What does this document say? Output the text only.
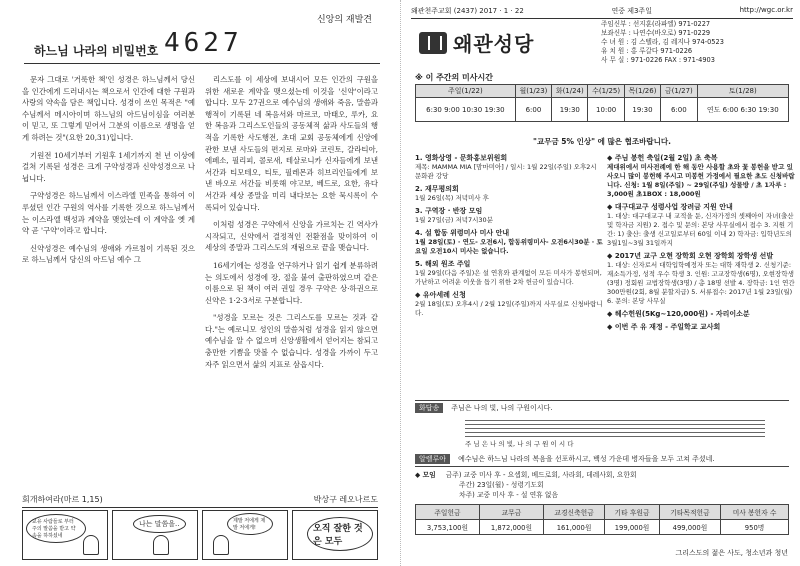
신앙의 재발견
하느님 나라의 비밀번호 4627

문자 그대로 '거룩한 책'인 성경은 하느님께서 당신을 인간에게 드러내시는 책으로서 인간에 대한 구원과 사랑의 약속을 담은 책입니다. 성경이 쓰인 목적은 "예수님께서 메시아이며 하느님의 아드님이심을 여러분이 믿고, 또 그렇게 믿어서 그분의 이름으로 생명을 얻게 하려는 것"(요한 20,31)입니다.

기원전 10세기부터 기원후 1세기까지 천 년 이상에 걸쳐 기록된 성경은 크게 구약성경과 신약성경으로 나뉩니다.

구약성경은 하느님께서 이스라엘 민족을 통하여 이루셨던 인간 구원의 역사를 기록한 것으로 하느님께서는 이스라엘 백성과 계약을 맺었는데 이 계약을 옛 계약 곧 '구약'이라고 합니다.

신약성경은 예수님의 생애와 가르침이 기록된 것으로 하느님께서 당신의 아드님 예수 그

리스도를 이 세상에 보내시어 모든 인간의 구원을 위한 새로운 계약을 맺으셨는데 이것을 '신약'이라고 합니다. 모두 27권으로 예수님의 생애와 죽음, 말씀과 행적이 기록된 네 복음서와 마르코, 마태오, 루카, 요한 복음과 그리스도인들의 공동체적 삶과 사도들의 행적을 기록한 사도행전, 초대 교회 공동체에게 신앙에 관한 보낸 사도들의 편지로 로마와 코린토, 갈라티아, 에페소, 필리피, 콜로새, 테살로니카 신자들에게 보낸 서간과 티모테오, 티토, 필레몬과 히브리인들에게 보낸 바오로 서간들 비롯해 야고보, 베드로, 요한, 유다 서간과 세상 종말을 미리 내다보는 요한 묵시록이 수록되어 있습니다.

이처럼 성경은 구약에서 신앙을 가르치는 긴 역사가 시작되고, 신약에서 결정적인 전환점을 맞이하여 이 세상의 종말과 그리스도의 재림으로 끝을 맺습니다.

16세기에는 성경을 연구하거나 읽기 쉽게 분류하려는 의도에서 성경에 장, 절을 붙여 출판하였으며 같은 이름으로 된 책이 여러 권일 경우 구약은 상·하권으로 신약은 1·2·3서로 구분합니다.

"성경을 모르는 것은 그리스도를 모르는 것과 같다."는 예로니모 성인의 말씀처럼 성경을 읽지 않으면 예수님을 알 수 없으며 신앙생활에서 얻어지는 참되고 충만한 기쁨을 맛볼 수 없습니다. 성경을 가까이 두고 자주 읽으면서 삶의 지표로 삼읍시다.

회개하여라(마르 1,15)	박상구 레오나르도
교유 사람들로 부터 주의 말씀을 받고 약속을 하하셨네
나는 말씀을..	제발 저에게 제발 저에게!	오직 잘한 것은 모두
왜관천주교회 (2437) 2017 · 1 · 22	연중 제3주일	http://wgc.or.kr
왜관성당
주임신부 : 선지훈(라파엘) 971-0227
보좌신부 : 나연수(바오로) 971-0229
수 녀 원 : 김 스텔라, 김 레지나 974-0523
유 치 원 : 홍 루갈다 971-0226
사 무 실 : 971-0226 FAX : 971-4903
※ 이 주간의 미사시간
주일(1/22)	월(1/23)	화(1/24)	수(1/25)	목(1/26)	금(1/27)	토(1/28)
6:30 9:00 10:30 19:30	6:00	19:30	10:00	19:30	6:00	연도 6:00 6:30 19:30
"교무금 5% 인상" 에 많은 협조바랍니다.
1. 영화상영 - 문화홍보위원회
제목: MAMMA MIA [맘마미아] / 일시: 1월 22일(주일) 오후2시 문화관 강당
2. 재무평의회
1월 26일(목) 저녁미사 후
3. 구역장 · 반장 모임
1월 27일(금) 저녁7시30분
4. 설 합동 위령미사 미사 안내
1월 28일(토) · 연도- 오전6시, 합동위령미사- 오전6시30분 · 토요일 오전10시 미사는 없습니다.
5. 해외 원조 주일
1월 29일(다음 주일)은 설 연휴와 관계없이 모든 미사가 봉헌되며, 가난하고 어려운 이웃을 돕기 위한 2차 헌금이 있습니다.
◆ 유아세례 신청
2월 18일(토) 오후4시 / 2월 12일(주일)까지 사무실로 신청바랍니다.
◆ 주님 봉헌 축일(2월 2일) 초 축복
제대위에서 미사전례에 한 해 동안 사용할 초와 꽃 봉헌을 받고 있사오니 많이 봉헌해 주시고 미봉헌 가정에서 필요한 초도 신청바랍니다. 신청: 1월 8일(주일) ~ 29일(주일) 성물방 / 초 1자루 : 3,000원 초1BOX : 18,000원
◆ 대구대교구 성령사업 장려금 지원 안내
1. 대상: 대구대교구 내 교적을 둔, 신자가정의 셋째아이 자녀(출산 및 학자금 지원) 2. 접수 및 문의: 본당 사무실에서 접수 3. 지원 기간: 1) 출산: 출생 신고일로부터 60일 이내 2) 학자금: 입학년도의 3월1일~3월 31일까지
◆ 2017년 교구 오현 장학회 오현 장학회 장학생 선발
1. 대상: 신자로서 대학입학예정자 또는 대학 재학생 2. 신청기준: 재소득가정, 성적 우수 학생 3. 인원: 고교장학생(6명), 오현장학생(3명) 정회원 교법장학생(3명) / 총 18명 선발 4. 장학금: 1인 연간 300만원(2회, 8월 분할지급) 5. 서류접수: 2017년 1월 23일(월) 6. 문의: 본당 사무실
◆ 헤수헌원(5Kg~120,000원) - 자리이소분
◆ 이번 주 유 재정 - 주일학교 교사회
화답송	주님은 나의 빛, 나의 구원이시다.
주 님 은 나 의 빛, 나 의 구 원 이 시 다
알렐루아	예수님은 하느님 나라의 복음을 선포하시고, 백성 가운데 병자들을 모두 고쳐 주셨네.
◆ 모임 금주) 교중 미사 후 - 요셉회, 베드로회, 사라회, 데레사회, 요한회
주간) 23일(월) - 성령기도회
차주) 교중 미사 후 - 설 연휴 없음
주일헌금	교무금	교경신축헌금	기타 후원금	기타목적헌금	미사 봉헌자 수
3,753,100원	1,872,000원	161,000원	199,000원	499,000원	950명
그리스도의 젊은 사도, 청소년과 청년
